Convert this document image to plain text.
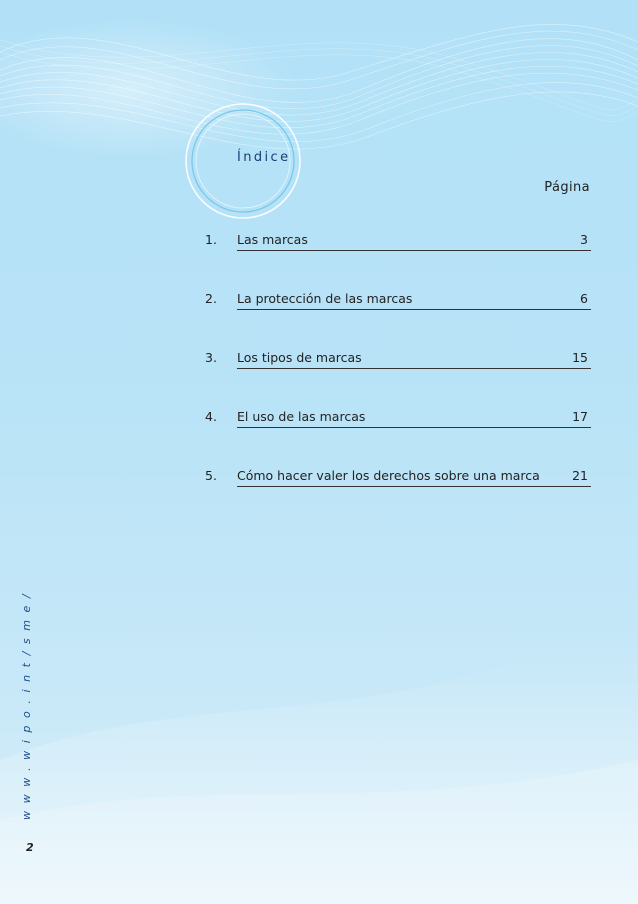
Índice
Página
1.	Las marcas	3
2.	La protección de las marcas	6
3.	Los tipos de marcas	15
4.	El uso de las marcas	17
5.	Cómo hacer valer los derechos sobre una marca	21
www.wipo.int/sme/
2
